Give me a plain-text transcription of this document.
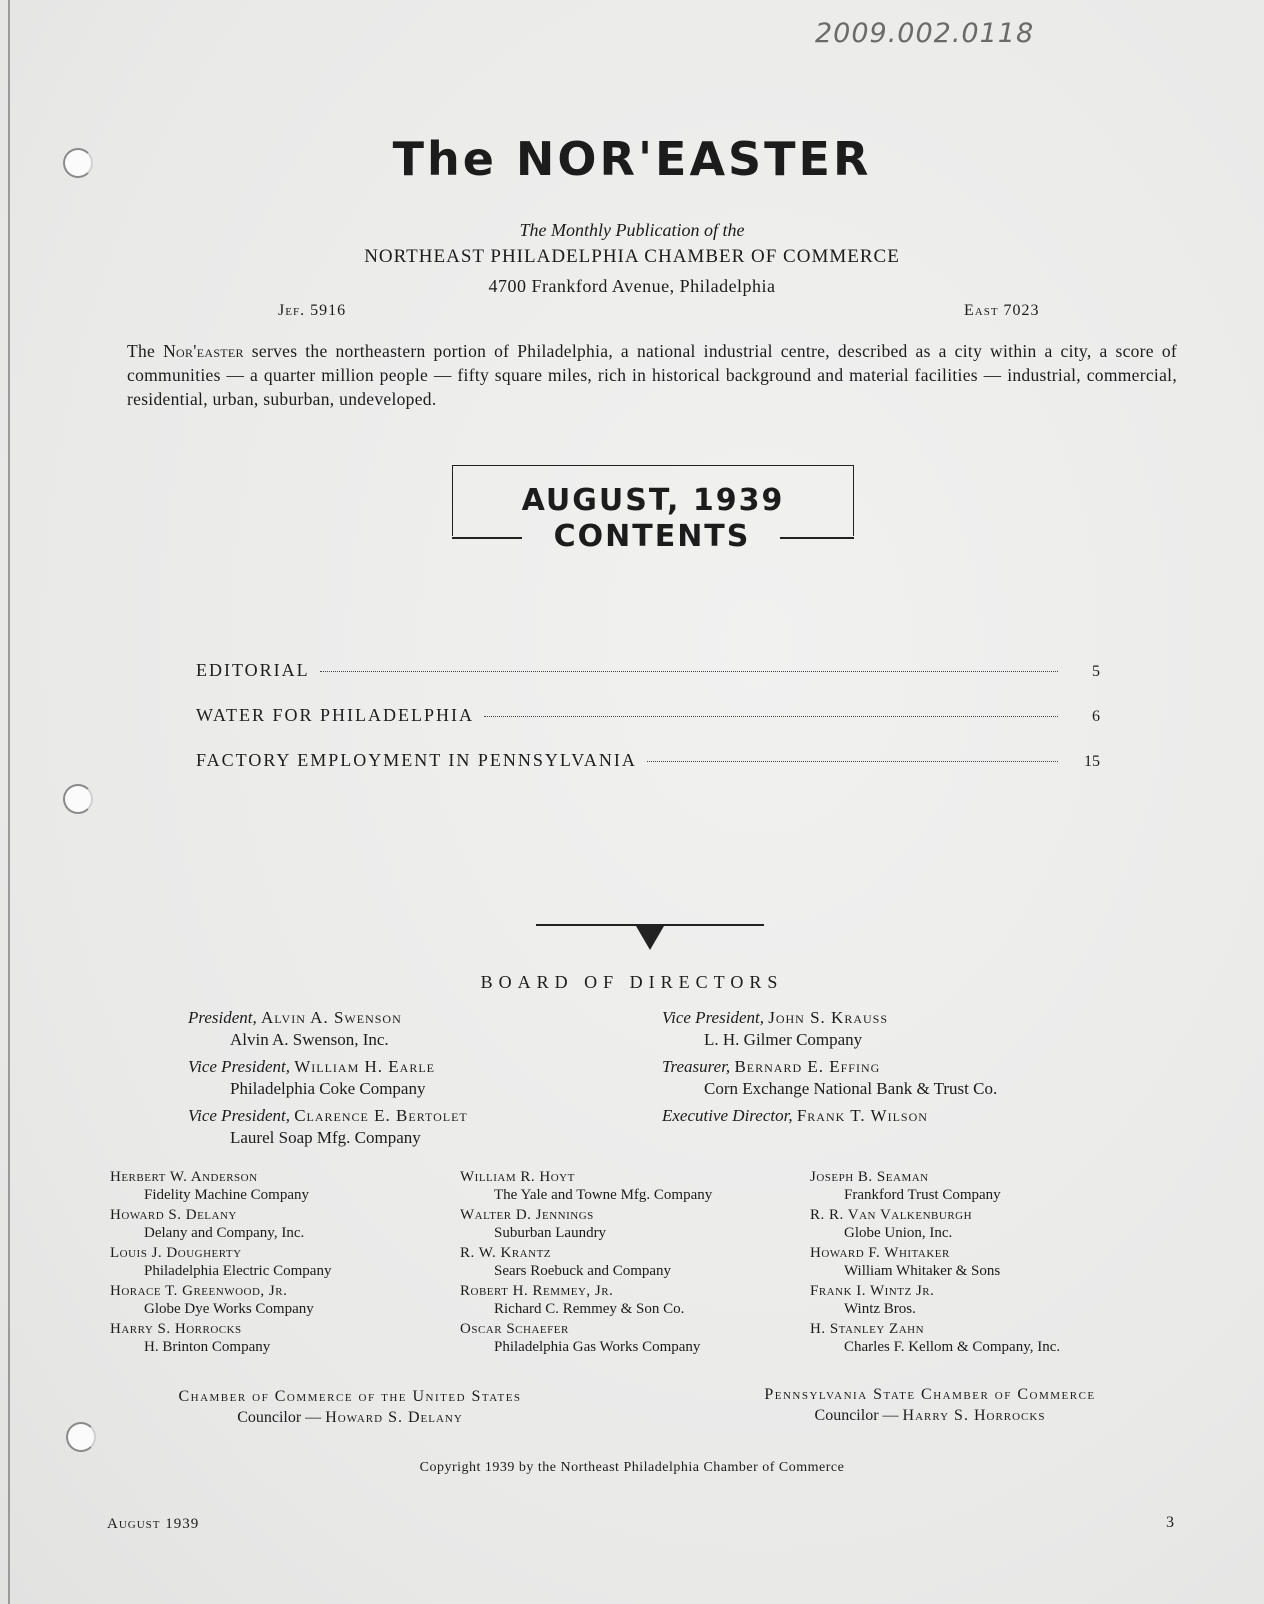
2009.002.0118
The NOR'EASTER
The Monthly Publication of the
NORTHEAST PHILADELPHIA CHAMBER OF COMMERCE
4700 Frankford Avenue, Philadelphia
Jef. 5916	East 7023
The Nor'easter serves the northeastern portion of Philadelphia, a national industrial centre, described as a city within a city, a score of communities — a quarter million people — fifty square miles, rich in historical background and material facilities — industrial, commercial, residential, urban, suburban, undeveloped.
AUGUST, 1939
CONTENTS
EDITORIAL	5
WATER FOR PHILADELPHIA	6
FACTORY EMPLOYMENT IN PENNSYLVANIA	15
BOARD OF DIRECTORS
President, Alvin A. Swenson
Alvin A. Swenson, Inc.
Vice President, John S. Krauss
L. H. Gilmer Company
Vice President, William H. Earle
Philadelphia Coke Company
Treasurer, Bernard E. Effing
Corn Exchange National Bank & Trust Co.
Vice President, Clarence E. Bertolet
Laurel Soap Mfg. Company
Executive Director, Frank T. Wilson
Herbert W. Anderson
Fidelity Machine Company
Howard S. Delany
Delany and Company, Inc.
Louis J. Dougherty
Philadelphia Electric Company
Horace T. Greenwood, Jr.
Globe Dye Works Company
Harry S. Horrocks
H. Brinton Company
William R. Hoyt
The Yale and Towne Mfg. Company
Walter D. Jennings
Suburban Laundry
R. W. Krantz
Sears Roebuck and Company
Robert H. Remmey, Jr.
Richard C. Remmey & Son Co.
Oscar Schaefer
Philadelphia Gas Works Company
Joseph B. Seaman
Frankford Trust Company
R. R. Van Valkenburgh
Globe Union, Inc.
Howard F. Whitaker
William Whitaker & Sons
Frank I. Wintz Jr.
Wintz Bros.
H. Stanley Zahn
Charles F. Kellom & Company, Inc.
Chamber of Commerce of the United States
Councilor — Howard S. Delany
Pennsylvania State Chamber of Commerce
Councilor — Harry S. Horrocks
Copyright 1939 by the Northeast Philadelphia Chamber of Commerce
August 1939	3
